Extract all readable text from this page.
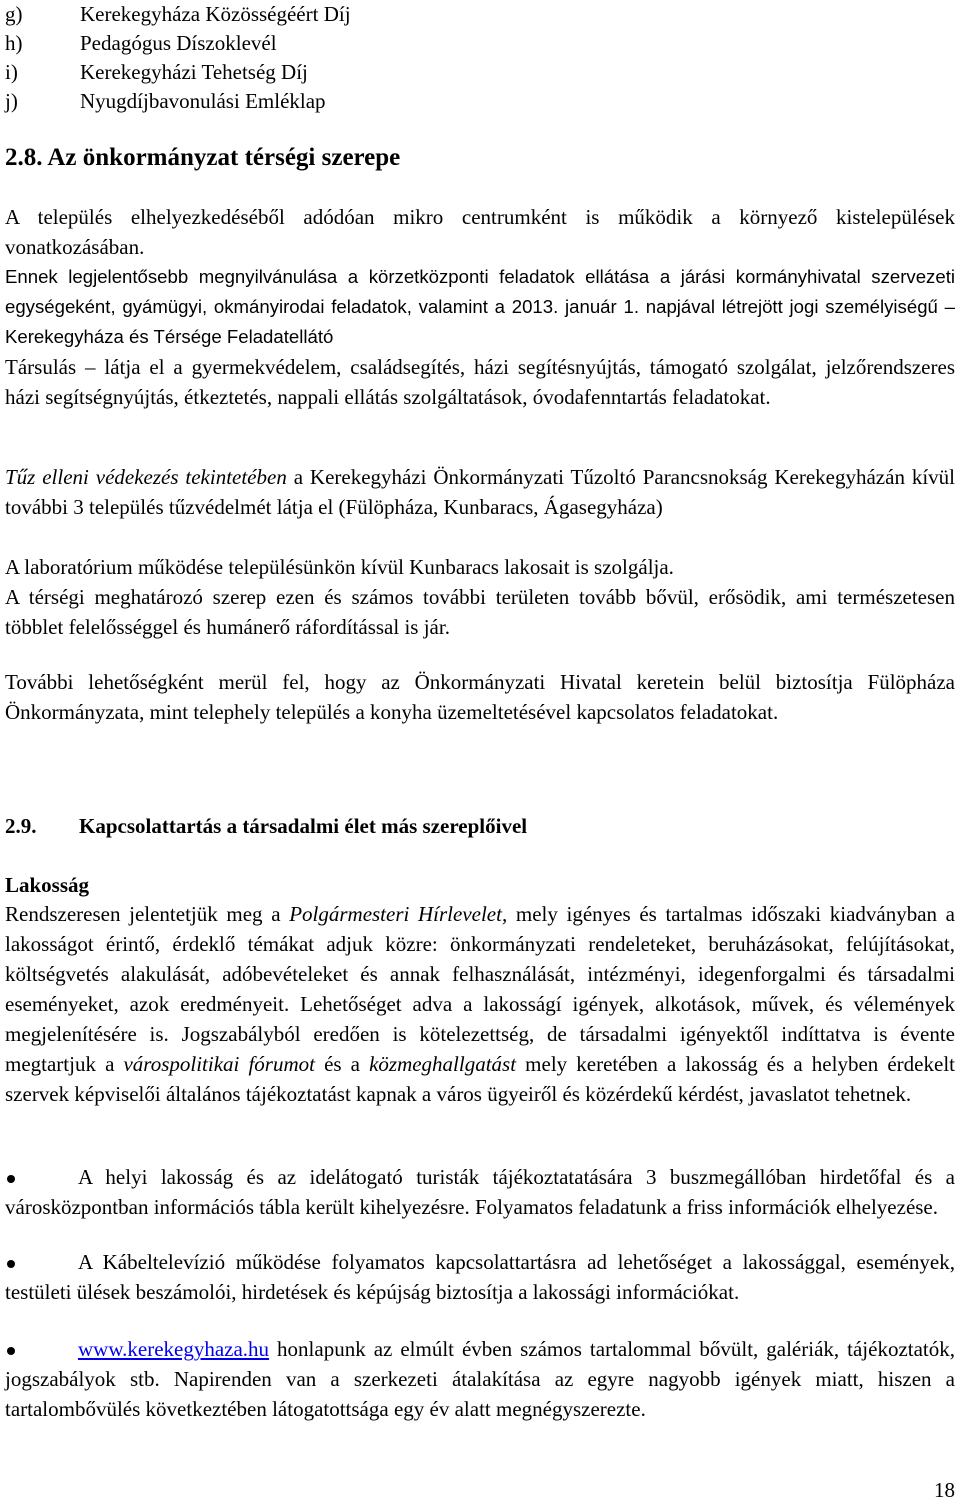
g)	Kerekegyháza Közösségéért Díj
h)	Pedagógus Díszoklevél
i)	Kerekegyházi Tehetség Díj
j)	Nyugdíjbavonulási Emléklap
2.8. Az önkormányzat térségi szerepe

A település elhelyezkedéséből adódóan mikro centrumként is működik a környező kistelepülések vonatkozásában.

Ennek legjelentősebb megnyilvánulása a körzetközponti feladatok ellátása a járási kormányhivatal szervezeti egységeként, gyámügyi, okmányirodai feladatok, valamint a 2013. január 1. napjával létrejött jogi személyiségű – Kerekegyháza és Térsége Feladatellátó

Társulás – látja el a gyermekvédelem, családsegítés, házi segítésnyújtás, támogató szolgálat, jelzőrendszeres házi segítségnyújtás, étkeztetés, nappali ellátás szolgáltatások, óvodafenntartás feladatokat.

Tűz elleni védekezés tekintetében a Kerekegyházi Önkormányzati Tűzoltó Parancsnokság Kerekegyházán kívül további 3 település tűzvédelmét látja el (Fülöpháza, Kunbaracs, Ágasegyháza)

A laboratórium működése településünkön kívül Kunbaracs lakosait is szolgálja.

A térségi meghatározó szerep ezen és számos további területen tovább bővül, erősödik, ami természetesen többlet felelősséggel és humánerő ráfordítással is jár.

További lehetőségként merül fel, hogy az Önkormányzati Hivatal keretein belül biztosítja Fülöpháza Önkormányzata, mint telephely település a konyha üzemeltetésével kapcsolatos feladatokat.

2.9. Kapcsolattartás a társadalmi élet más szereplőivel
Lakosság

Rendszeresen jelentetjük meg a Polgármesteri Hírlevelet, mely igényes és tartalmas időszaki kiadványban a lakosságot érintő, érdeklő témákat adjuk közre: önkormányzati rendeleteket, beruházásokat, felújításokat, költségvetés alakulását, adóbevételeket és annak felhasználását, intézményi, idegenforgalmi és társadalmi eseményeket, azok eredményeit. Lehetőséget adva a lakosságí igények, alkotások, művek, és vélemények megjelenítésére is. Jogszabályból eredően is kötelezettség, de társadalmi igényektől indíttatva is évente megtartjuk a várospolitikai fórumot és a közmeghallgatást mely keretében a lakosság és a helyben érdekelt szervek képviselői általános tájékoztatást kapnak a város ügyeiről és közérdekű kérdést, javaslatot tehetnek.

A helyi lakosság és az idelátogató turisták tájékoztatatására 3 buszmegállóban hirdetőfal és a városközpontban információs tábla került kihelyezésre. Folyamatos feladatunk a friss információk elhelyezése.
A Kábeltelevízió működése folyamatos kapcsolattartásra ad lehetőséget a lakossággal, események, testületi ülések beszámolói, hirdetések és képújság biztosítja a lakossági információkat.
www.kerekegyhaza.hu honlapunk az elmúlt évben számos tartalommal bővült, galériák, tájékoztatók, jogszabályok stb. Napirenden van a szerkezeti átalakítása az egyre nagyobb igények miatt, hiszen a tartalombővülés következtében látogatottsága egy év alatt megnégyszerezte.
18
